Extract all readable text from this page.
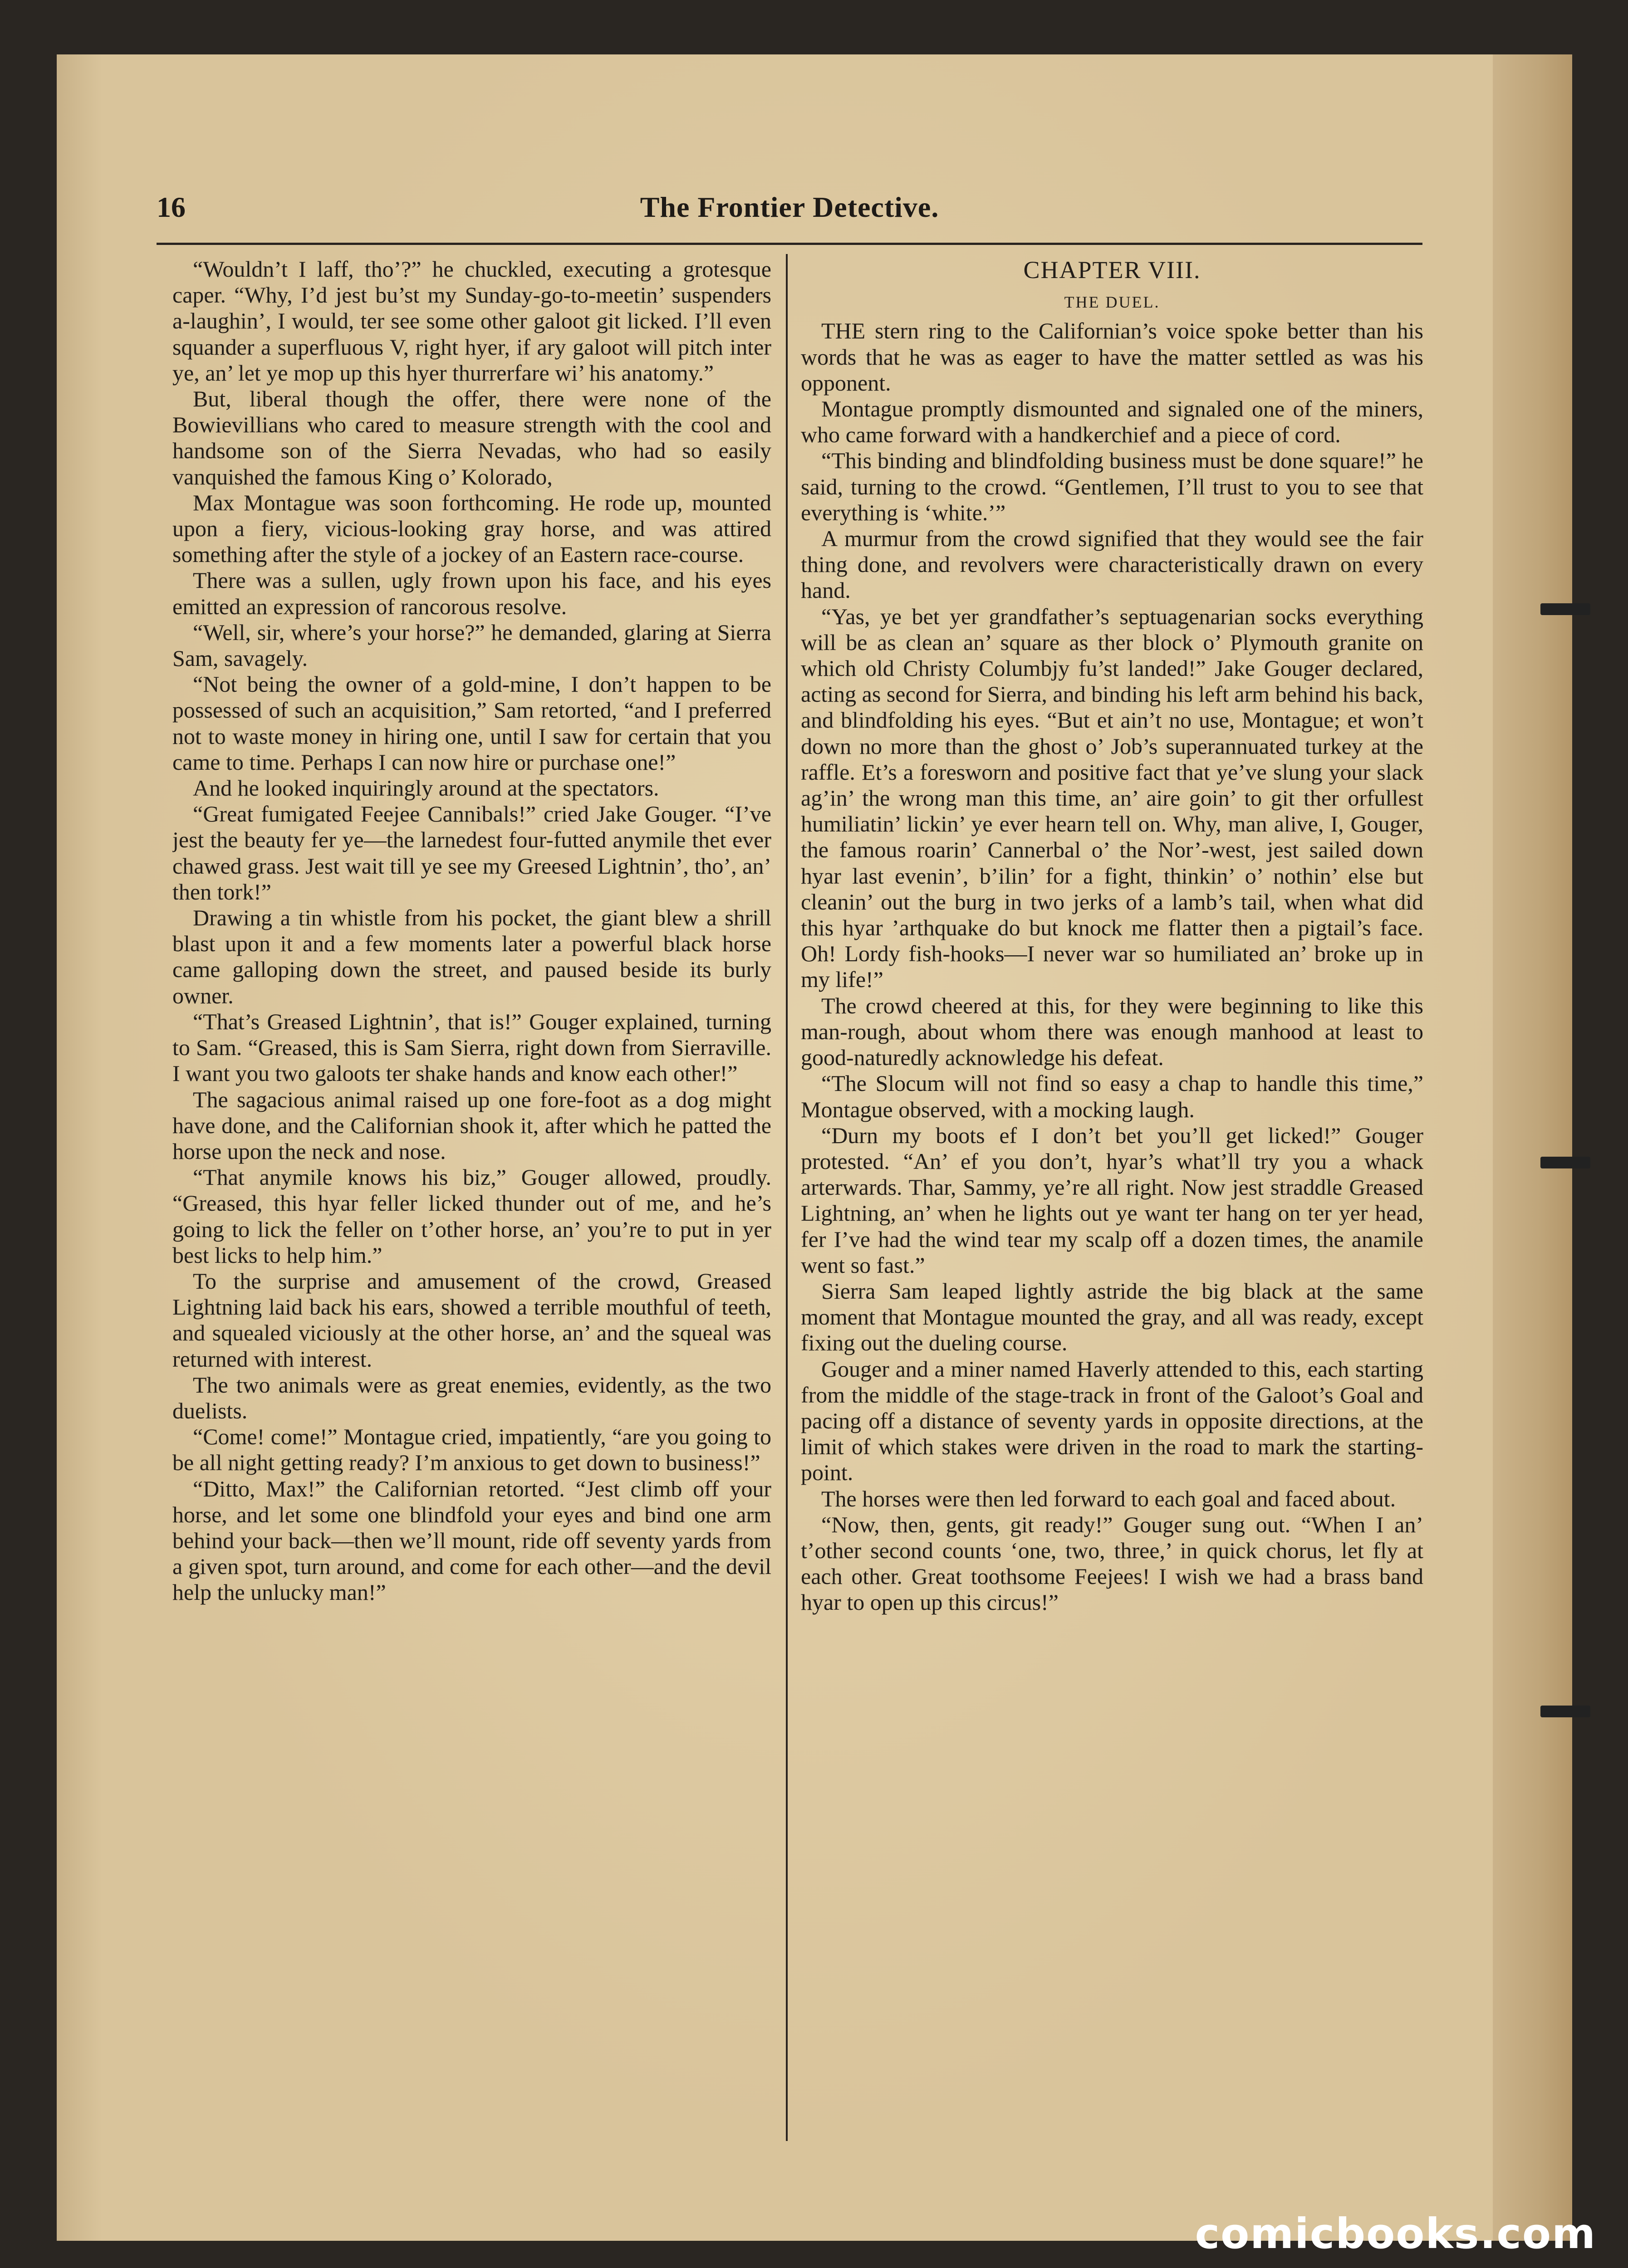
16	The Frontier Detective.

“Wouldn’t I laff, tho’?” he chuckled, executing a grotesque caper. “Why, I’d jest bu’st my Sunday-go-to-meetin’ suspenders a-laughin’, I would, ter see some other galoot git licked. I’ll even squander a superfluous V, right hyer, if ary galoot will pitch inter ye, an’ let ye mop up this hyer thurrerfare wi’ his anatomy.”

But, liberal though the offer, there were none of the Bowievillians who cared to measure strength with the cool and handsome son of the Sierra Nevadas, who had so easily vanquished the famous King o’ Kolorado,

Max Montague was soon forthcoming. He rode up, mounted upon a fiery, vicious-looking gray horse, and was attired something after the style of a jockey of an Eastern race-course.

There was a sullen, ugly frown upon his face, and his eyes emitted an expression of rancorous resolve.

“Well, sir, where’s your horse?” he demanded, glaring at Sierra Sam, savagely.

“Not being the owner of a gold-mine, I don’t happen to be possessed of such an acquisition,” Sam retorted, “and I preferred not to waste money in hiring one, until I saw for certain that you came to time. Perhaps I can now hire or purchase one!”

And he looked inquiringly around at the spectators.

“Great fumigated Feejee Cannibals!” cried Jake Gouger. “I’ve jest the beauty fer ye—the larnedest four-futted anymile thet ever chawed grass. Jest wait till ye see my Greesed Lightnin’, tho’, an’ then tork!”

Drawing a tin whistle from his pocket, the giant blew a shrill blast upon it and a few moments later a powerful black horse came galloping down the street, and paused beside its burly owner.

“That’s Greased Lightnin’, that is!” Gouger explained, turning to Sam. “Greased, this is Sam Sierra, right down from Sierraville. I want you two galoots ter shake hands and know each other!”

The sagacious animal raised up one fore-foot as a dog might have done, and the Californian shook it, after which he patted the horse upon the neck and nose.

“That anymile knows his biz,” Gouger allowed, proudly. “Greased, this hyar feller licked thunder out of me, and he’s going to lick the feller on t’other horse, an’ you’re to put in yer best licks to help him.”

To the surprise and amusement of the crowd, Greased Lightning laid back his ears, showed a terrible mouthful of teeth, and squealed viciously at the other horse, an’ and the squeal was returned with interest.

The two animals were as great enemies, evidently, as the two duelists.

“Come! come!” Montague cried, impatiently, “are you going to be all night getting ready? I’m anxious to get down to business!”

“Ditto, Max!” the Californian retorted. “Jest climb off your horse, and let some one blindfold your eyes and bind one arm behind your back—then we’ll mount, ride off seventy yards from a given spot, turn around, and come for each other—and the devil help the unlucky man!”

CHAPTER VIII.
THE DUEL.

THE stern ring to the Californian’s voice spoke better than his words that he was as eager to have the matter settled as was his opponent.

Montague promptly dismounted and signaled one of the miners, who came forward with a handkerchief and a piece of cord.

“This binding and blindfolding business must be done square!” he said, turning to the crowd. “Gentlemen, I’ll trust to you to see that everything is ‘white.’”

A murmur from the crowd signified that they would see the fair thing done, and revolvers were characteristically drawn on every hand.

“Yas, ye bet yer grandfather’s septuagenarian socks everything will be as clean an’ square as ther block o’ Plymouth granite on which old Christy Columbjy fu’st landed!” Jake Gouger declared, acting as second for Sierra, and binding his left arm behind his back, and blindfolding his eyes. “But et ain’t no use, Montague; et won’t down no more than the ghost o’ Job’s superannuated turkey at the raffle. Et’s a foresworn and positive fact that ye’ve slung your slack ag’in’ the wrong man this time, an’ aire goin’ to git ther orfullest humiliatin’ lickin’ ye ever hearn tell on. Why, man alive, I, Gouger, the famous roarin’ Cannerbal o’ the Nor’-west, jest sailed down hyar last evenin’, b’ilin’ for a fight, thinkin’ o’ nothin’ else but cleanin’ out the burg in two jerks of a lamb’s tail, when what did this hyar ’arthquake do but knock me flatter then a pigtail’s face. Oh! Lordy fish-hooks—I never war so humiliated an’ broke up in my life!”

The crowd cheered at this, for they were beginning to like this man-rough, about whom there was enough manhood at least to good-naturedly acknowledge his defeat.

“The Slocum will not find so easy a chap to handle this time,” Montague observed, with a mocking laugh.

“Durn my boots ef I don’t bet you’ll get licked!” Gouger protested. “An’ ef you don’t, hyar’s what’ll try you a whack arterwards. Thar, Sammy, ye’re all right. Now jest straddle Greased Lightning, an’ when he lights out ye want ter hang on ter yer head, fer I’ve had the wind tear my scalp off a dozen times, the anamile went so fast.”

Sierra Sam leaped lightly astride the big black at the same moment that Montague mounted the gray, and all was ready, except fixing out the dueling course.

Gouger and a miner named Haverly attended to this, each starting from the middle of the stage-track in front of the Galoot’s Goal and pacing off a distance of seventy yards in opposite directions, at the limit of which stakes were driven in the road to mark the starting-point.

The horses were then led forward to each goal and faced about.

“Now, then, gents, git ready!” Gouger sung out. “When I an’ t’other second counts ‘one, two, three,’ in quick chorus, let fly at each other. Great toothsome Feejees! I wish we had a brass band hyar to open up this circus!”

comicbooks.com
